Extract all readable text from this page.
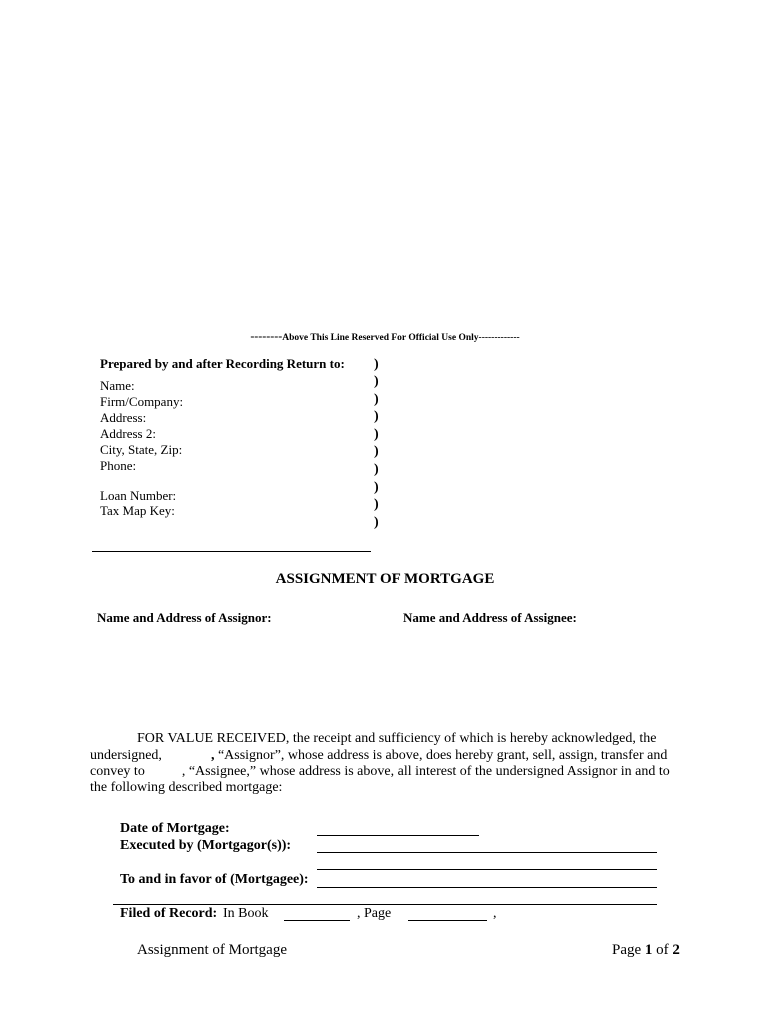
--------Above This Line Reserved For Official Use Only-------------
Prepared by and after Recording Return to:
Name:
Firm/Company:
Address:
Address 2:
City, State, Zip:
Phone:
Loan Number:
Tax Map Key:
)
)
)
)
)
)
)
)
)
)
ASSIGNMENT OF MORTGAGE
Name and Address of Assignor:	Name and Address of Assignee:
FOR VALUE RECEIVED, the receipt and sufficiency of which is hereby acknowledged, the
undersigned,	, “Assignor”, whose address is above, does hereby grant, sell, assign, transfer and
convey to	, “Assignee,” whose address is above, all interest of the undersigned Assignor in and to
the following described mortgage:
Date of Mortgage:
Executed by (Mortgagor(s)):
To and in favor of (Mortgagee):
Filed of Record: In Book	, Page	,
Assignment of Mortgage	Page 1 of 2
